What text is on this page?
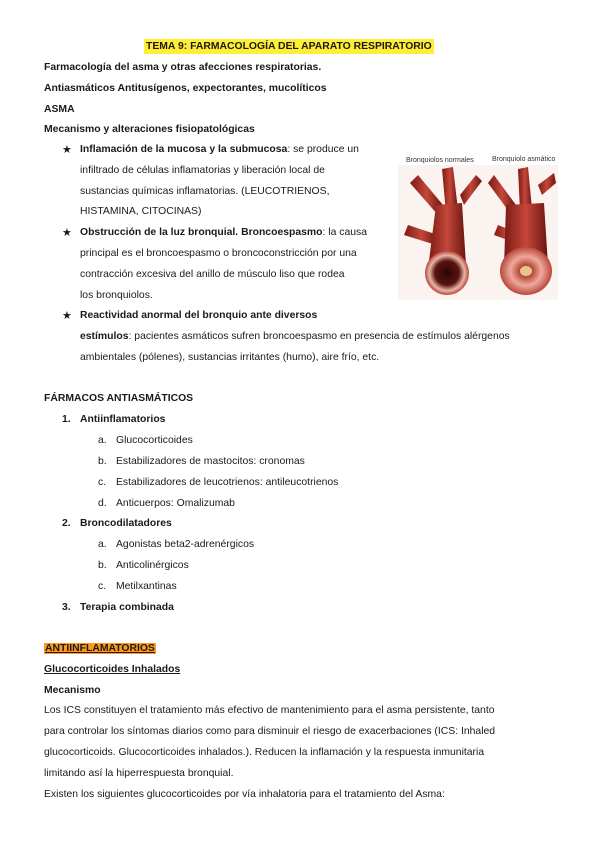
TEMA 9: FARMACOLOGÍA DEL APARATO RESPIRATORIO
Farmacología del asma y otras afecciones respiratorias.
Antiasmáticos Antitusígenos, expectorantes, mucolíticos
ASMA
Mecanismo y alteraciones fisiopatológicas
★ Inflamación de la mucosa y la submucosa: se produce un
infiltrado de células inflamatorias y liberación local de
sustancias químicas inflamatorias. (LEUCOTRIENOS,
HISTAMINA, CITOCINAS)
★ Obstrucción de la luz bronquial. Broncoespasmo: la causa
principal es el broncoespasmo o broncoconstricción por una
contracción excesiva del anillo de músculo liso que rodea
los bronquiolos.
★ Reactividad anormal del bronquio ante diversos
estímulos: pacientes asmáticos sufren broncoespasmo en presencia de estímulos alérgenos
ambientales (pólenes), sustancias irritantes (humo), aire frío, etc.
Bronquiolos normales	Bronquiolo asmático
FÁRMACOS ANTIASMÁTICOS
1. Antiinflamatorios
a. Glucocorticoides
b. Estabilizadores de mastocitos: cronomas
c. Estabilizadores de leucotrienos: antileucotrienos
d. Anticuerpos: Omalizumab
2. Broncodilatadores
a. Agonistas beta2-adrenérgicos
b. Anticolinérgicos
c. Metilxantinas
3. Terapia combinada
ANTIINFLAMATORIOS
Glucocorticoides Inhalados
Mecanismo
Los ICS constituyen el tratamiento más efectivo de mantenimiento para el asma persistente, tanto
para controlar los síntomas diarios como para disminuir el riesgo de exacerbaciones (ICS: Inhaled
glucocorticoids. Glucocorticoides inhalados.). Reducen la inflamación y la respuesta inmunitaria
limitando así la hiperrespuesta bronquial.
Existen los siguientes glucocorticoides por vía inhalatoria para el tratamiento del Asma:
